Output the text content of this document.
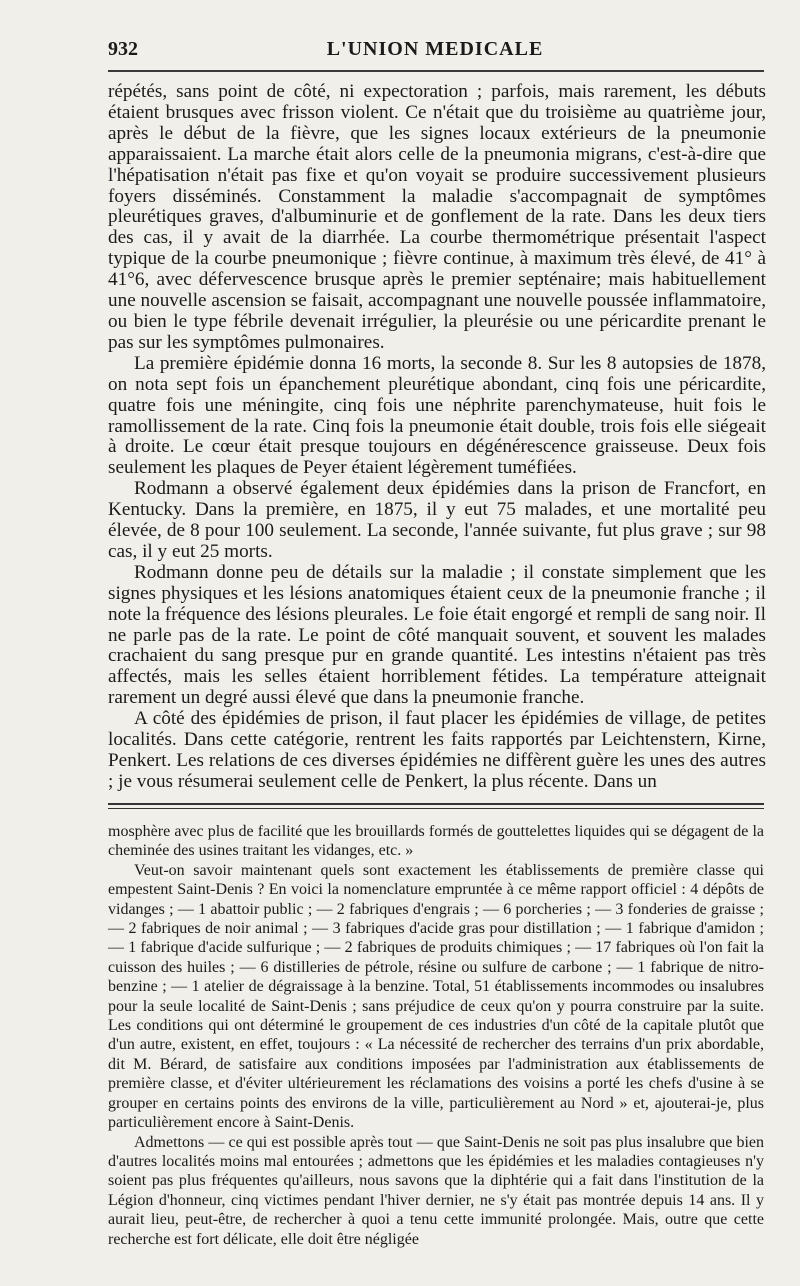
932	L'UNION MEDICALE

répétés, sans point de côté, ni expectoration ; parfois, mais rarement, les débuts étaient brusques avec frisson violent. Ce n'était que du troisième au quatrième jour, après le début de la fièvre, que les signes locaux extérieurs de la pneumonie apparaissaient. La marche était alors celle de la pneumonia migrans, c'est-à-dire que l'hépatisation n'était pas fixe et qu'on voyait se produire successivement plusieurs foyers disséminés. Constamment la maladie s'accompagnait de symptômes pleurétiques graves, d'albuminurie et de gonflement de la rate. Dans les deux tiers des cas, il y avait de la diarrhée. La courbe thermométrique présentait l'aspect typique de la courbe pneumonique ; fièvre continue, à maximum très élevé, de 41° à 41°6, avec défervescence brusque après le premier septénaire; mais habituellement une nouvelle ascension se faisait, accompagnant une nouvelle poussée inflammatoire, ou bien le type fébrile devenait irrégulier, la pleurésie ou une péricardite prenant le pas sur les symptômes pulmonaires.

La première épidémie donna 16 morts, la seconde 8. Sur les 8 autopsies de 1878, on nota sept fois un épanchement pleurétique abondant, cinq fois une péricardite, quatre fois une méningite, cinq fois une néphrite parenchymateuse, huit fois le ramollissement de la rate. Cinq fois la pneumonie était double, trois fois elle siégeait à droite. Le cœur était presque toujours en dégénérescence graisseuse. Deux fois seulement les plaques de Peyer étaient légèrement tuméfiées.

Rodmann a observé également deux épidémies dans la prison de Francfort, en Kentucky. Dans la première, en 1875, il y eut 75 malades, et une mortalité peu élevée, de 8 pour 100 seulement. La seconde, l'année suivante, fut plus grave ; sur 98 cas, il y eut 25 morts.

Rodmann donne peu de détails sur la maladie ; il constate simplement que les signes physiques et les lésions anatomiques étaient ceux de la pneumonie franche ; il note la fréquence des lésions pleurales. Le foie était engorgé et rempli de sang noir. Il ne parle pas de la rate. Le point de côté manquait souvent, et souvent les malades crachaient du sang presque pur en grande quantité. Les intestins n'étaient pas très affectés, mais les selles étaient horriblement fétides. La température atteignait rarement un degré aussi élevé que dans la pneumonie franche.

A côté des épidémies de prison, il faut placer les épidémies de village, de petites localités. Dans cette catégorie, rentrent les faits rapportés par Leichtenstern, Kirne, Penkert. Les relations de ces diverses épidémies ne diffèrent guère les unes des autres ; je vous résumerai seulement celle de Penkert, la plus récente. Dans un

mosphère avec plus de facilité que les brouillards formés de gouttelettes liquides qui se dégagent de la cheminée des usines traitant les vidanges, etc. »

Veut-on savoir maintenant quels sont exactement les établissements de première classe qui empestent Saint-Denis ? En voici la nomenclature empruntée à ce même rapport officiel : 4 dépôts de vidanges ; — 1 abattoir public ; — 2 fabriques d'engrais ; — 6 porcheries ; — 3 fonderies de graisse ; — 2 fabriques de noir animal ; — 3 fabriques d'acide gras pour distillation ; — 1 fabrique d'amidon ; — 1 fabrique d'acide sulfurique ; — 2 fabriques de produits chimiques ; — 17 fabriques où l'on fait la cuisson des huiles ; — 6 distilleries de pétrole, résine ou sulfure de carbone ; — 1 fabrique de nitro-benzine ; — 1 atelier de dégraissage à la benzine. Total, 51 établissements incommodes ou insalubres pour la seule localité de Saint-Denis ; sans préjudice de ceux qu'on y pourra construire par la suite. Les conditions qui ont déterminé le groupement de ces industries d'un côté de la capitale plutôt que d'un autre, existent, en effet, toujours : « La nécessité de rechercher des terrains d'un prix abordable, dit M. Bérard, de satisfaire aux conditions imposées par l'administration aux établissements de première classe, et d'éviter ultérieurement les réclamations des voisins a porté les chefs d'usine à se grouper en certains points des environs de la ville, particulièrement au Nord » et, ajouterai-je, plus particulièrement encore à Saint-Denis.

Admettons — ce qui est possible après tout — que Saint-Denis ne soit pas plus insalubre que bien d'autres localités moins mal entourées ; admettons que les épidémies et les maladies contagieuses n'y soient pas plus fréquentes qu'ailleurs, nous savons que la diphtérie qui a fait dans l'institution de la Légion d'honneur, cinq victimes pendant l'hiver dernier, ne s'y était pas montrée depuis 14 ans. Il y aurait lieu, peut-être, de rechercher à quoi a tenu cette immunité prolongée. Mais, outre que cette recherche est fort délicate, elle doit être négligée
